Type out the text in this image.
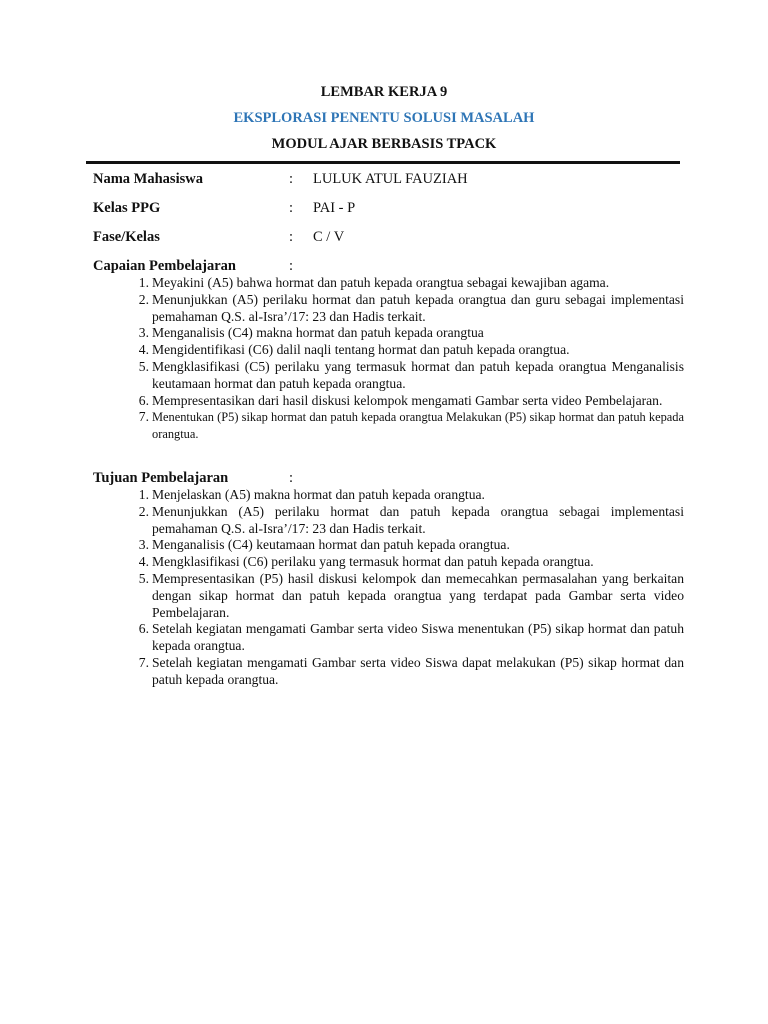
LEMBAR KERJA 9
EKSPLORASI PENENTU SOLUSI MASALAH
MODUL AJAR BERBASIS TPACK
Nama Mahasiswa	: LULUK ATUL FAUZIAH
Kelas PPG	: PAI - P
Fase/Kelas	: C / V
Capaian Pembelajaran	:
1. Meyakini (A5) bahwa hormat dan patuh kepada orangtua sebagai kewajiban agama.
2. Menunjukkan (A5) perilaku hormat dan patuh kepada orangtua dan guru sebagai implementasi pemahaman Q.S. al-Isra’/17: 23 dan Hadis terkait.
3. Menganalisis (C4) makna hormat dan patuh kepada orangtua
4. Mengidentifikasi (C6) dalil naqli tentang hormat dan patuh kepada orangtua.
5. Mengklasifikasi (C5) perilaku yang termasuk hormat dan patuh kepada orangtua Menganalisis keutamaan hormat dan patuh kepada orangtua.
6. Mempresentasikan dari hasil diskusi kelompok mengamati Gambar serta video Pembelajaran.
7. Menentukan (P5) sikap hormat dan patuh kepada orangtua Melakukan (P5) sikap hormat dan patuh kepada orangtua.
Tujuan Pembelajaran	:
1. Menjelaskan (A5) makna hormat dan patuh kepada orangtua.
2. Menunjukkan (A5) perilaku hormat dan patuh kepada orangtua sebagai implementasi pemahaman Q.S. al-Isra’/17: 23 dan Hadis terkait.
3. Menganalisis (C4) keutamaan hormat dan patuh kepada orangtua.
4. Mengklasifikasi (C6) perilaku yang termasuk hormat dan patuh kepada orangtua.
5. Mempresentasikan (P5) hasil diskusi kelompok dan memecahkan permasalahan yang berkaitan dengan sikap hormat dan patuh kepada orangtua yang terdapat pada Gambar serta video Pembelajaran.
6. Setelah kegiatan mengamati Gambar serta video Siswa menentukan (P5) sikap hormat dan patuh kepada orangtua.
7. Setelah kegiatan mengamati Gambar serta video Siswa dapat melakukan (P5) sikap hormat dan patuh kepada orangtua.
